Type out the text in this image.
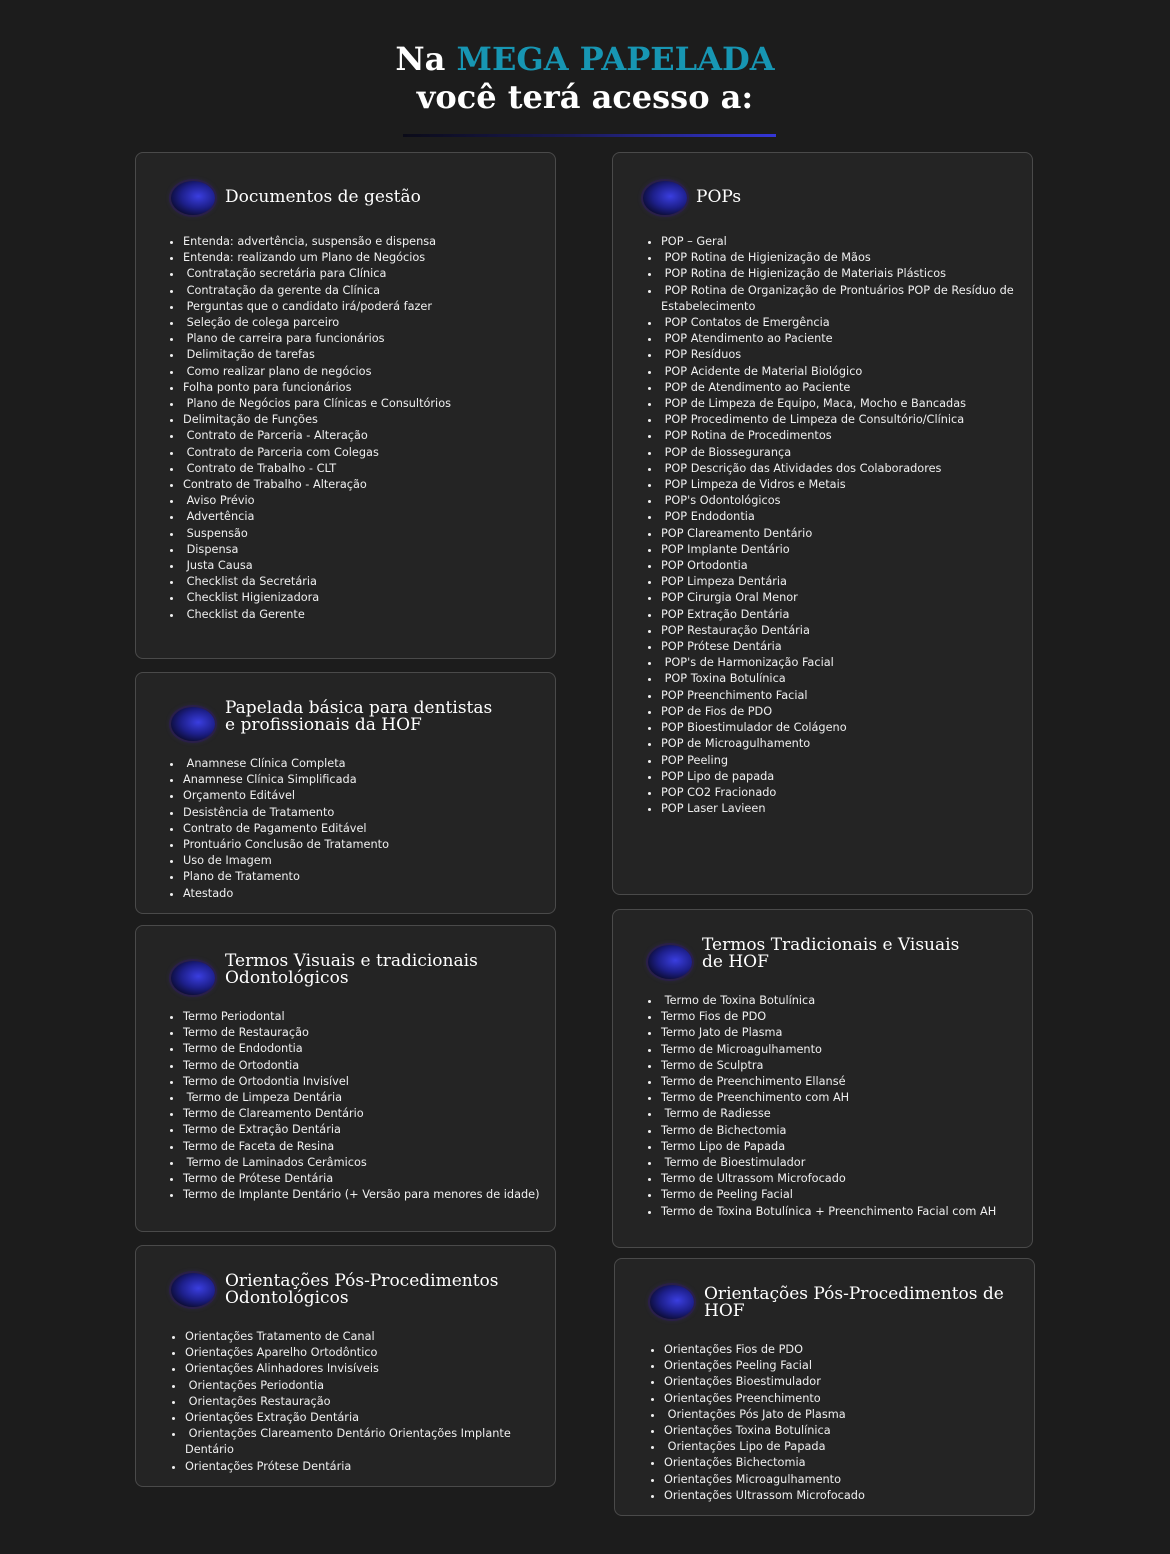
Na MEGA PAPELADA
você terá acesso a:
Documentos de gestão
• Entenda: advertência, suspensão e dispensa
• Entenda: realizando um Plano de Negócios
•  Contratação secretária para Clínica
•  Contratação da gerente da Clínica
•  Perguntas que o candidato irá/poderá fazer
•  Seleção de colega parceiro
•  Plano de carreira para funcionários
•  Delimitação de tarefas
•  Como realizar plano de negócios
• Folha ponto para funcionários
•  Plano de Negócios para Clínicas e Consultórios
• Delimitação de Funções
•  Contrato de Parceria - Alteração
•  Contrato de Parceria com Colegas
•  Contrato de Trabalho - CLT
• Contrato de Trabalho - Alteração
•  Aviso Prévio
•  Advertência
•  Suspensão
•  Dispensa
•  Justa Causa
•  Checklist da Secretária
•  Checklist Higienizadora
•  Checklist da Gerente
Papelada básica para dentistas
e profissionais da HOF
•  Anamnese Clínica Completa
• Anamnese Clínica Simplificada
• Orçamento Editável
• Desistência de Tratamento
• Contrato de Pagamento Editável
• Prontuário Conclusão de Tratamento
• Uso de Imagem
• Plano de Tratamento
• Atestado
Termos Visuais e tradicionais
Odontológicos
• Termo Periodontal
• Termo de Restauração
• Termo de Endodontia
• Termo de Ortodontia
• Termo de Ortodontia Invisível
•  Termo de Limpeza Dentária
• Termo de Clareamento Dentário
• Termo de Extração Dentária
• Termo de Faceta de Resina
•  Termo de Laminados Cerâmicos
• Termo de Prótese Dentária
• Termo de Implante Dentário (+ Versão para menores de idade)
Orientações Pós-Procedimentos
Odontológicos
• Orientações Tratamento de Canal
• Orientações Aparelho Ortodôntico
• Orientações Alinhadores Invisíveis
•  Orientações Periodontia
•  Orientações Restauração
• Orientações Extração Dentária
•  Orientações Clareamento Dentário Orientações Implante Dentário
• Orientações Prótese Dentária
POPs
• POP – Geral
•  POP Rotina de Higienização de Mãos
•  POP Rotina de Higienização de Materiais Plásticos
•  POP Rotina de Organização de Prontuários POP de Resíduo de Estabelecimento
•  POP Contatos de Emergência
•  POP Atendimento ao Paciente
•  POP Resíduos
•  POP Acidente de Material Biológico
•  POP de Atendimento ao Paciente
•  POP de Limpeza de Equipo, Maca, Mocho e Bancadas
•  POP Procedimento de Limpeza de Consultório/Clínica
•  POP Rotina de Procedimentos
•  POP de Biossegurança
•  POP Descrição das Atividades dos Colaboradores
•  POP Limpeza de Vidros e Metais
•  POP's Odontológicos
•  POP Endodontia
• POP Clareamento Dentário
• POP Implante Dentário
• POP Ortodontia
• POP Limpeza Dentária
• POP Cirurgia Oral Menor
• POP Extração Dentária
• POP Restauração Dentária
• POP Prótese Dentária
•  POP's de Harmonização Facial
•  POP Toxina Botulínica
• POP Preenchimento Facial
• POP de Fios de PDO
• POP Bioestimulador de Colágeno
• POP de Microagulhamento
• POP Peeling
• POP Lipo de papada
• POP CO2 Fracionado
• POP Laser Lavieen
Termos Tradicionais e Visuais
de HOF
•  Termo de Toxina Botulínica
• Termo Fios de PDO
• Termo Jato de Plasma
• Termo de Microagulhamento
• Termo de Sculptra
• Termo de Preenchimento Ellansé
• Termo de Preenchimento com AH
•  Termo de Radiesse
• Termo de Bichectomia
• Termo Lipo de Papada
•  Termo de Bioestimulador
• Termo de Ultrassom Microfocado
• Termo de Peeling Facial
• Termo de Toxina Botulínica + Preenchimento Facial com AH
Orientações Pós-Procedimentos de
HOF
• Orientações Fios de PDO
• Orientações Peeling Facial
• Orientações Bioestimulador
• Orientações Preenchimento
•  Orientações Pós Jato de Plasma
• Orientações Toxina Botulínica
•  Orientações Lipo de Papada
• Orientações Bichectomia
• Orientações Microagulhamento
• Orientações Ultrassom Microfocado
